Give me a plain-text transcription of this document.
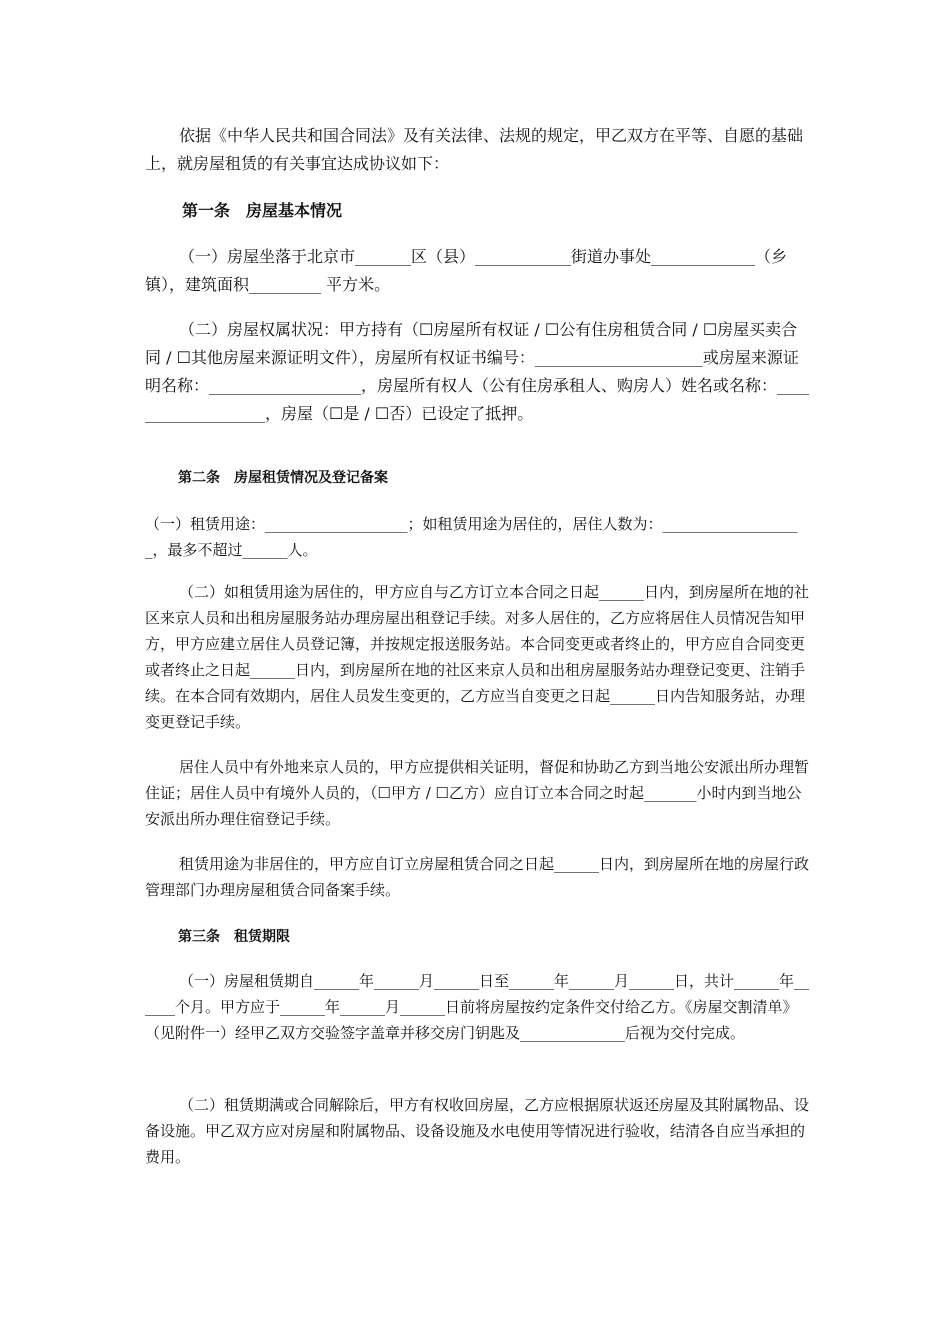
依据《中华人民共和国合同法》及有关法律、法规的规定，甲乙双方在平等、自愿的基础上，就房屋租赁的有关事宜达成协议如下：

第一条　房屋基本情况

（一）房屋坐落于北京市_______区（县）____________街道办事处_____________（乡镇），建筑面积_________ 平方米。

（二）房屋权属状况：甲方持有（☐房屋所有权证 / ☐公有住房租赁合同 / ☐房屋买卖合同 / ☐其他房屋来源证明文件），房屋所有权证书编号：_____________________或房屋来源证明名称：___________________，房屋所有权人（公有住房承租人、购房人）姓名或名称：___________________，房屋（☐是 / ☐否）已设定了抵押。

第二条　房屋租赁情况及登记备案

（一）租赁用途：___________________；如租赁用途为居住的，居住人数为：___________________，最多不超过______人。

（二）如租赁用途为居住的，甲方应自与乙方订立本合同之日起______日内，到房屋所在地的社区来京人员和出租房屋服务站办理房屋出租登记手续。对多人居住的，乙方应将居住人员情况告知甲方，甲方应建立居住人员登记簿，并按规定报送服务站。本合同变更或者终止的，甲方应自合同变更或者终止之日起______日内，到房屋所在地的社区来京人员和出租房屋服务站办理登记变更、注销手续。在本合同有效期内，居住人员发生变更的，乙方应当自变更之日起______日内告知服务站，办理变更登记手续。

居住人员中有外地来京人员的，甲方应提供相关证明，督促和协助乙方到当地公安派出所办理暂住证；居住人员中有境外人员的，（☐甲方 / ☐乙方）应自订立本合同之时起_______小时内到当地公安派出所办理住宿登记手续。

租赁用途为非居住的，甲方应自订立房屋租赁合同之日起______日内，到房屋所在地的房屋行政管理部门办理房屋租赁合同备案手续。

第三条　租赁期限

（一）房屋租赁期自______年______月______日至______年______月______日，共计______年______个月。甲方应于______年______月______日前将房屋按约定条件交付给乙方。《房屋交割清单》（见附件一）经甲乙双方交验签字盖章并移交房门钥匙及______________后视为交付完成。

（二）租赁期满或合同解除后，甲方有权收回房屋，乙方应根据原状返还房屋及其附属物品、设备设施。甲乙双方应对房屋和附属物品、设备设施及水电使用等情况进行验收，结清各自应当承担的费用。
